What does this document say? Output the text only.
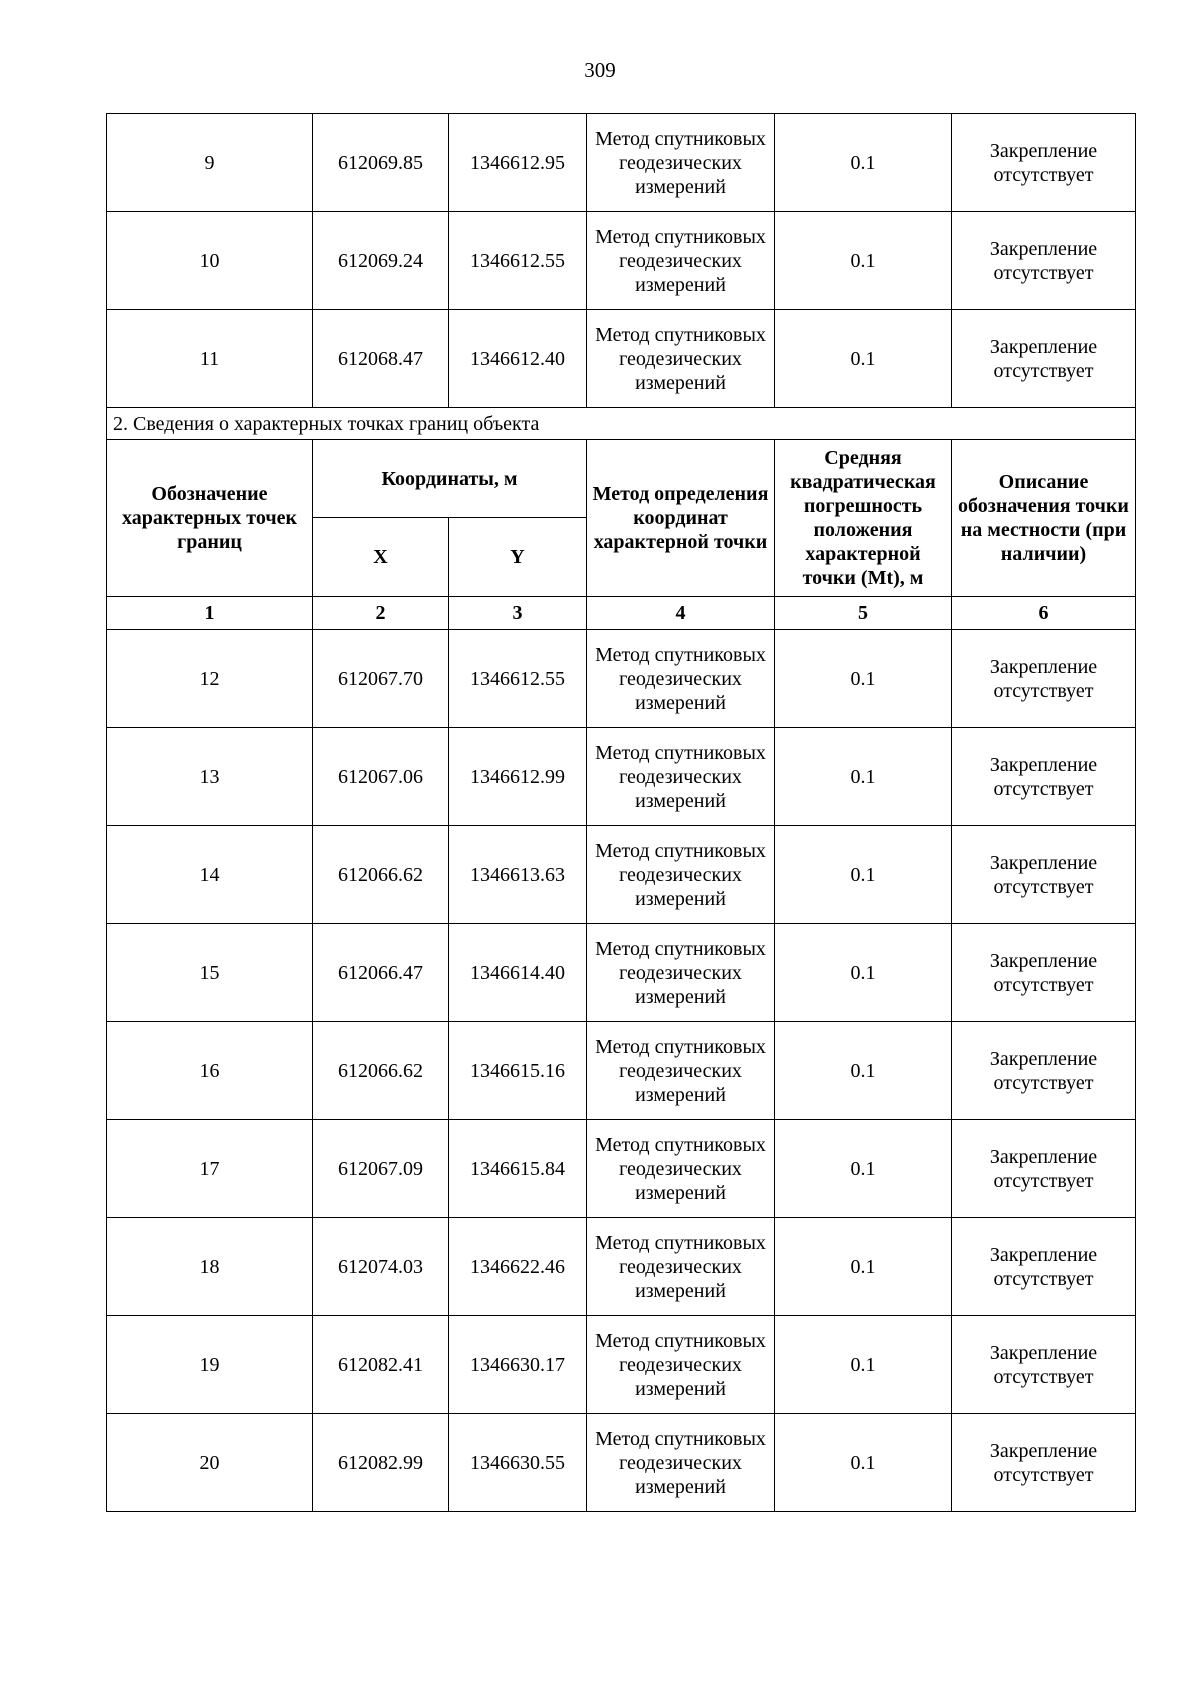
309
9	612069.85	1346612.95	Метод спутниковых геодезических измерений	0.1	Закрепление отсутствует
10	612069.24	1346612.55	Метод спутниковых геодезических измерений	0.1	Закрепление отсутствует
11	612068.47	1346612.40	Метод спутниковых геодезических измерений	0.1	Закрепление отсутствует
2. Сведения о характерных точках границ объекта					
Обозначение характерных точек границ	Координаты, м		Метод определения координат характерной точки	Средняя квадратическая погрешность положения характерной точки (Mt), м	Описание обозначения точки на местности (при наличии)
	X	Y			
1	2	3	4	5	6
12	612067.70	1346612.55	Метод спутниковых геодезических измерений	0.1	Закрепление отсутствует
13	612067.06	1346612.99	Метод спутниковых геодезических измерений	0.1	Закрепление отсутствует
14	612066.62	1346613.63	Метод спутниковых геодезических измерений	0.1	Закрепление отсутствует
15	612066.47	1346614.40	Метод спутниковых геодезических измерений	0.1	Закрепление отсутствует
16	612066.62	1346615.16	Метод спутниковых геодезических измерений	0.1	Закрепление отсутствует
17	612067.09	1346615.84	Метод спутниковых геодезических измерений	0.1	Закрепление отсутствует
18	612074.03	1346622.46	Метод спутниковых геодезических измерений	0.1	Закрепление отсутствует
19	612082.41	1346630.17	Метод спутниковых геодезических измерений	0.1	Закрепление отсутствует
20	612082.99	1346630.55	Метод спутниковых геодезических измерений	0.1	Закрепление отсутствует
